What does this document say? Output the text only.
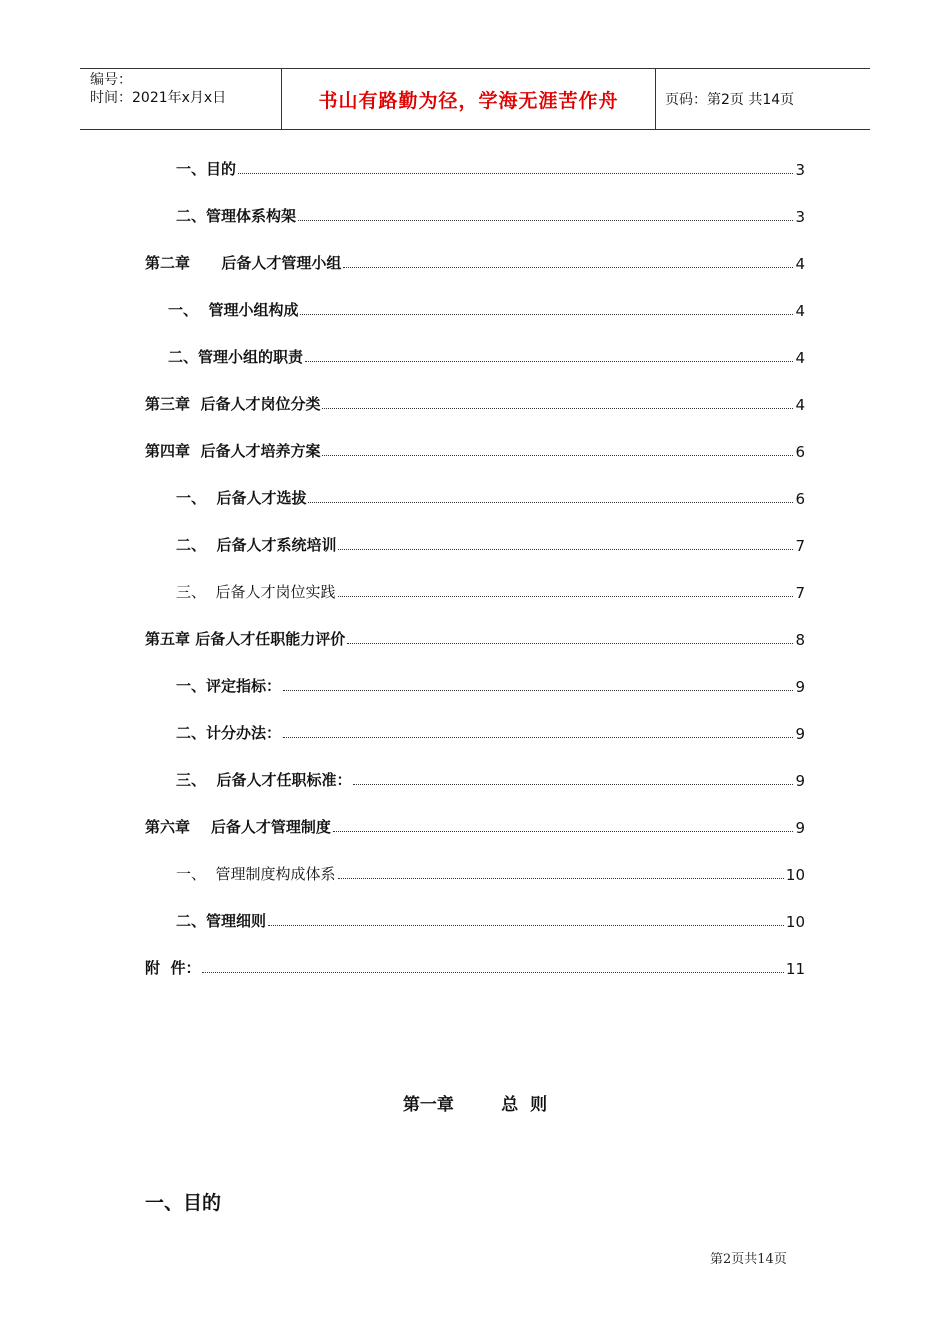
编号：
时间：2021年x月x日	书山有路勤为径，学海无涯苦作舟	页码：第2页 共14页
一、目的	3
二、管理体系构架	3
第二章      后备人才管理小组	4
一、  管理小组构成	4
二、管理小组的职责	4
第三章  后备人才岗位分类	4
第四章  后备人才培养方案	6
一、  后备人才选拔	6
二、  后备人才系统培训	7
三、  后备人才岗位实践	7
第五章 后备人才任职能力评价	8
一、评定指标：	9
二、计分办法：	9
三、  后备人才任职标准：	9
第六章    后备人才管理制度	9
一、  管理制度构成体系	10
二、管理细则	10
附  件：	11
第一章        总  则
一、目的
第2页共14页
